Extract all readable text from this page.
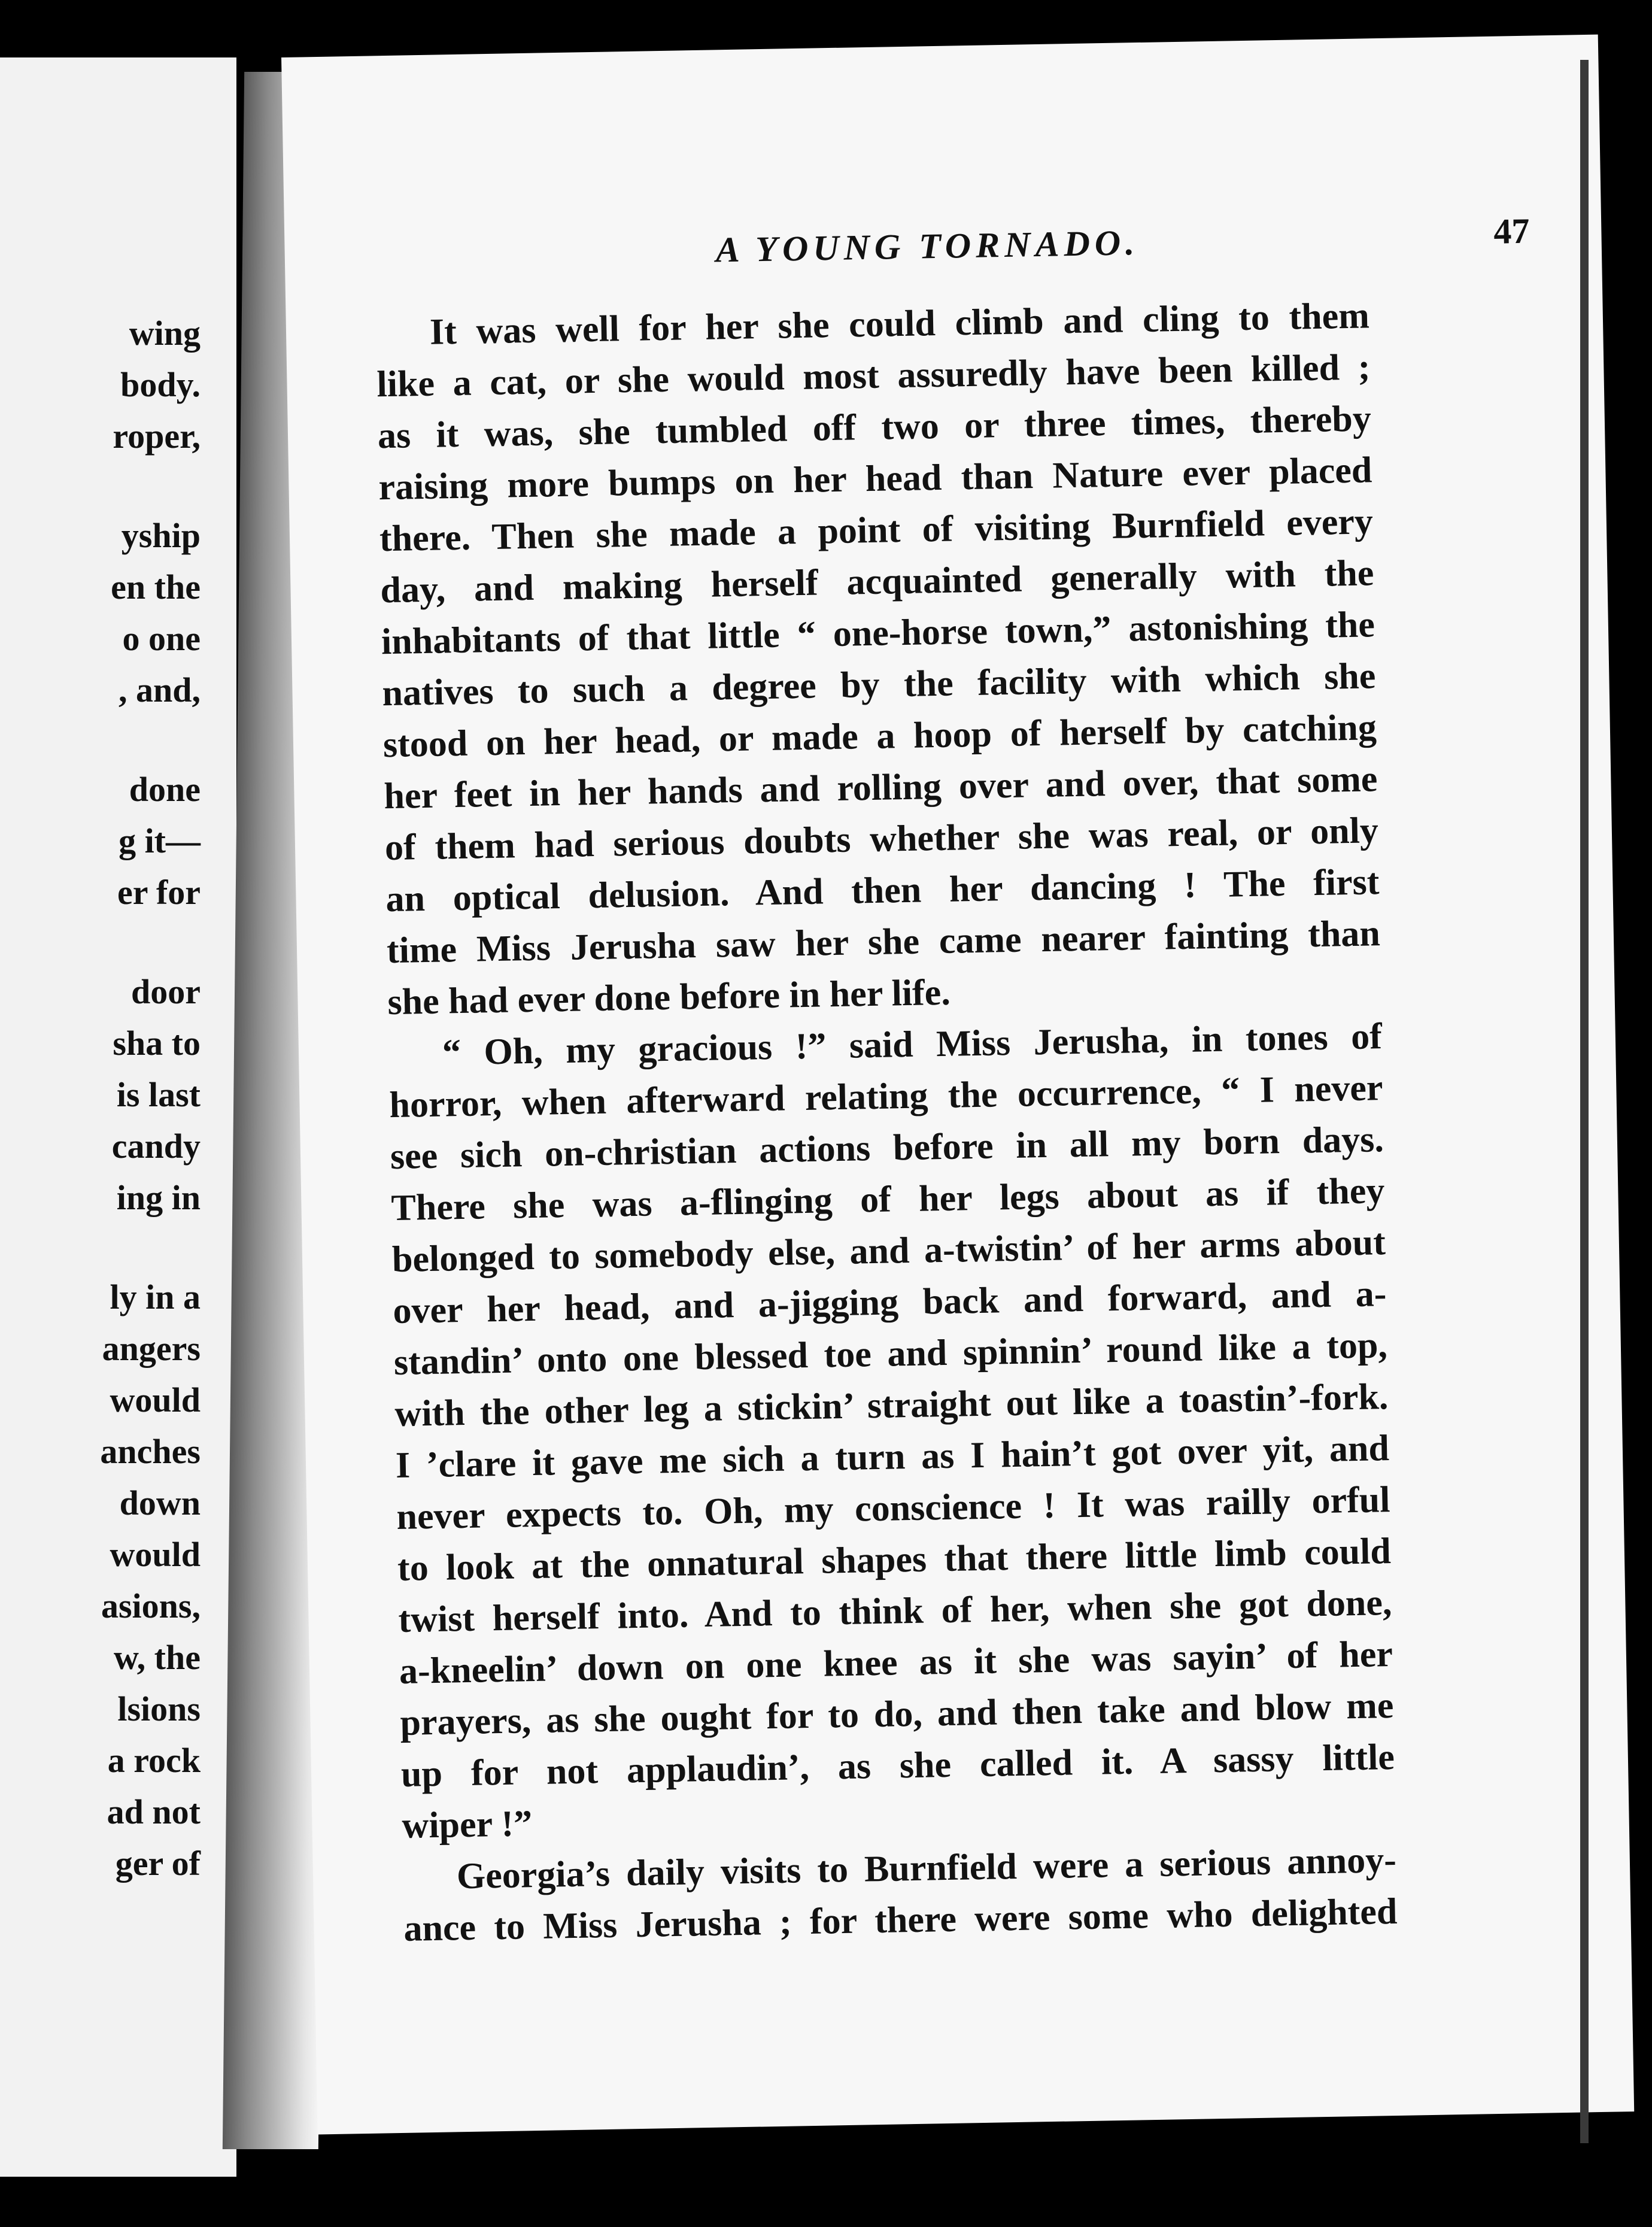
wing
body.
roper,
yship
en the
o one
, and,
done
g it—
er for
door
sha to
is last
candy
ing in
ly in a
angers
would
anches
down
would
asions,
w, the
lsions
a rock
ad not
ger of
A YOUNG TORNADO.	47
It was well for her she could climb and cling to them
like a cat, or she would most assuredly have been killed ;
as it was, she tumbled off two or three times, thereby
raising more bumps on her head than Nature ever placed
there. Then she made a point of visiting Burnfield every
day, and making herself acquainted generally with the
inhabitants of that little “ one-horse town,” astonishing the
natives to such a degree by the facility with which she
stood on her head, or made a hoop of herself by catching
her feet in her hands and rolling over and over, that some
of them had serious doubts whether she was real, or only
an optical delusion. And then her dancing ! The first
time Miss Jerusha saw her she came nearer fainting than
she had ever done before in her life.
“ Oh, my gracious !” said Miss Jerusha, in tones of
horror, when afterward relating the occurrence, “ I never
see sich on-christian actions before in all my born days.
There she was a-flinging of her legs about as if they
belonged to somebody else, and a-twistin’ of her arms about
over her head, and a-jigging back and forward, and a-
standin’ onto one blessed toe and spinnin’ round like a top,
with the other leg a stickin’ straight out like a toastin’-fork.
I ’clare it gave me sich a turn as I hain’t got over yit, and
never expects to. Oh, my conscience ! It was railly orful
to look at the onnatural shapes that there little limb could
twist herself into. And to think of her, when she got done,
a-kneelin’ down on one knee as it she was sayin’ of her
prayers, as she ought for to do, and then take and blow me
up for not applaudin’, as she called it. A sassy little
wiper !”
Georgia’s daily visits to Burnfield were a serious annoy-
ance to Miss Jerusha ; for there were some who delighted
